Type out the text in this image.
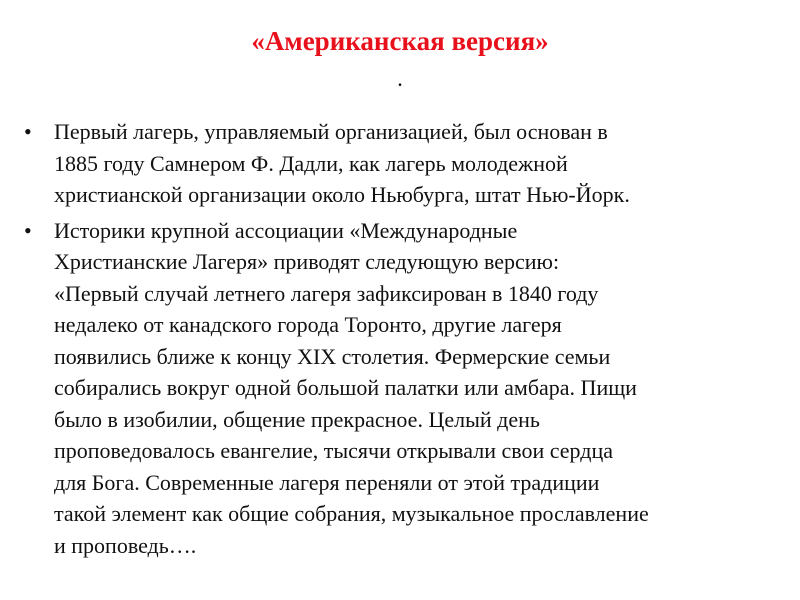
«Американская версия»
.
• Первый лагерь, управляемый организацией, был основан в
1885 году Самнером Ф. Дадли, как лагерь молодежной
христианской организации около Ньюбурга, штат Нью-Йорк.
• Историки крупной ассоциации «Международные
Христианские Лагеря» приводят следующую версию:
«Первый случай летнего лагеря зафиксирован в 1840 году
недалеко от канадского города Торонто, другие лагеря
появились ближе к концу XIX столетия. Фермерские семьи
собирались вокруг одной большой палатки или амбара. Пищи
было в изобилии, общение прекрасное. Целый день
проповедовалось евангелие, тысячи открывали свои сердца
для Бога. Современные лагеря переняли от этой традиции
такой элемент как общие собрания, музыкальное прославление
и проповедь….
